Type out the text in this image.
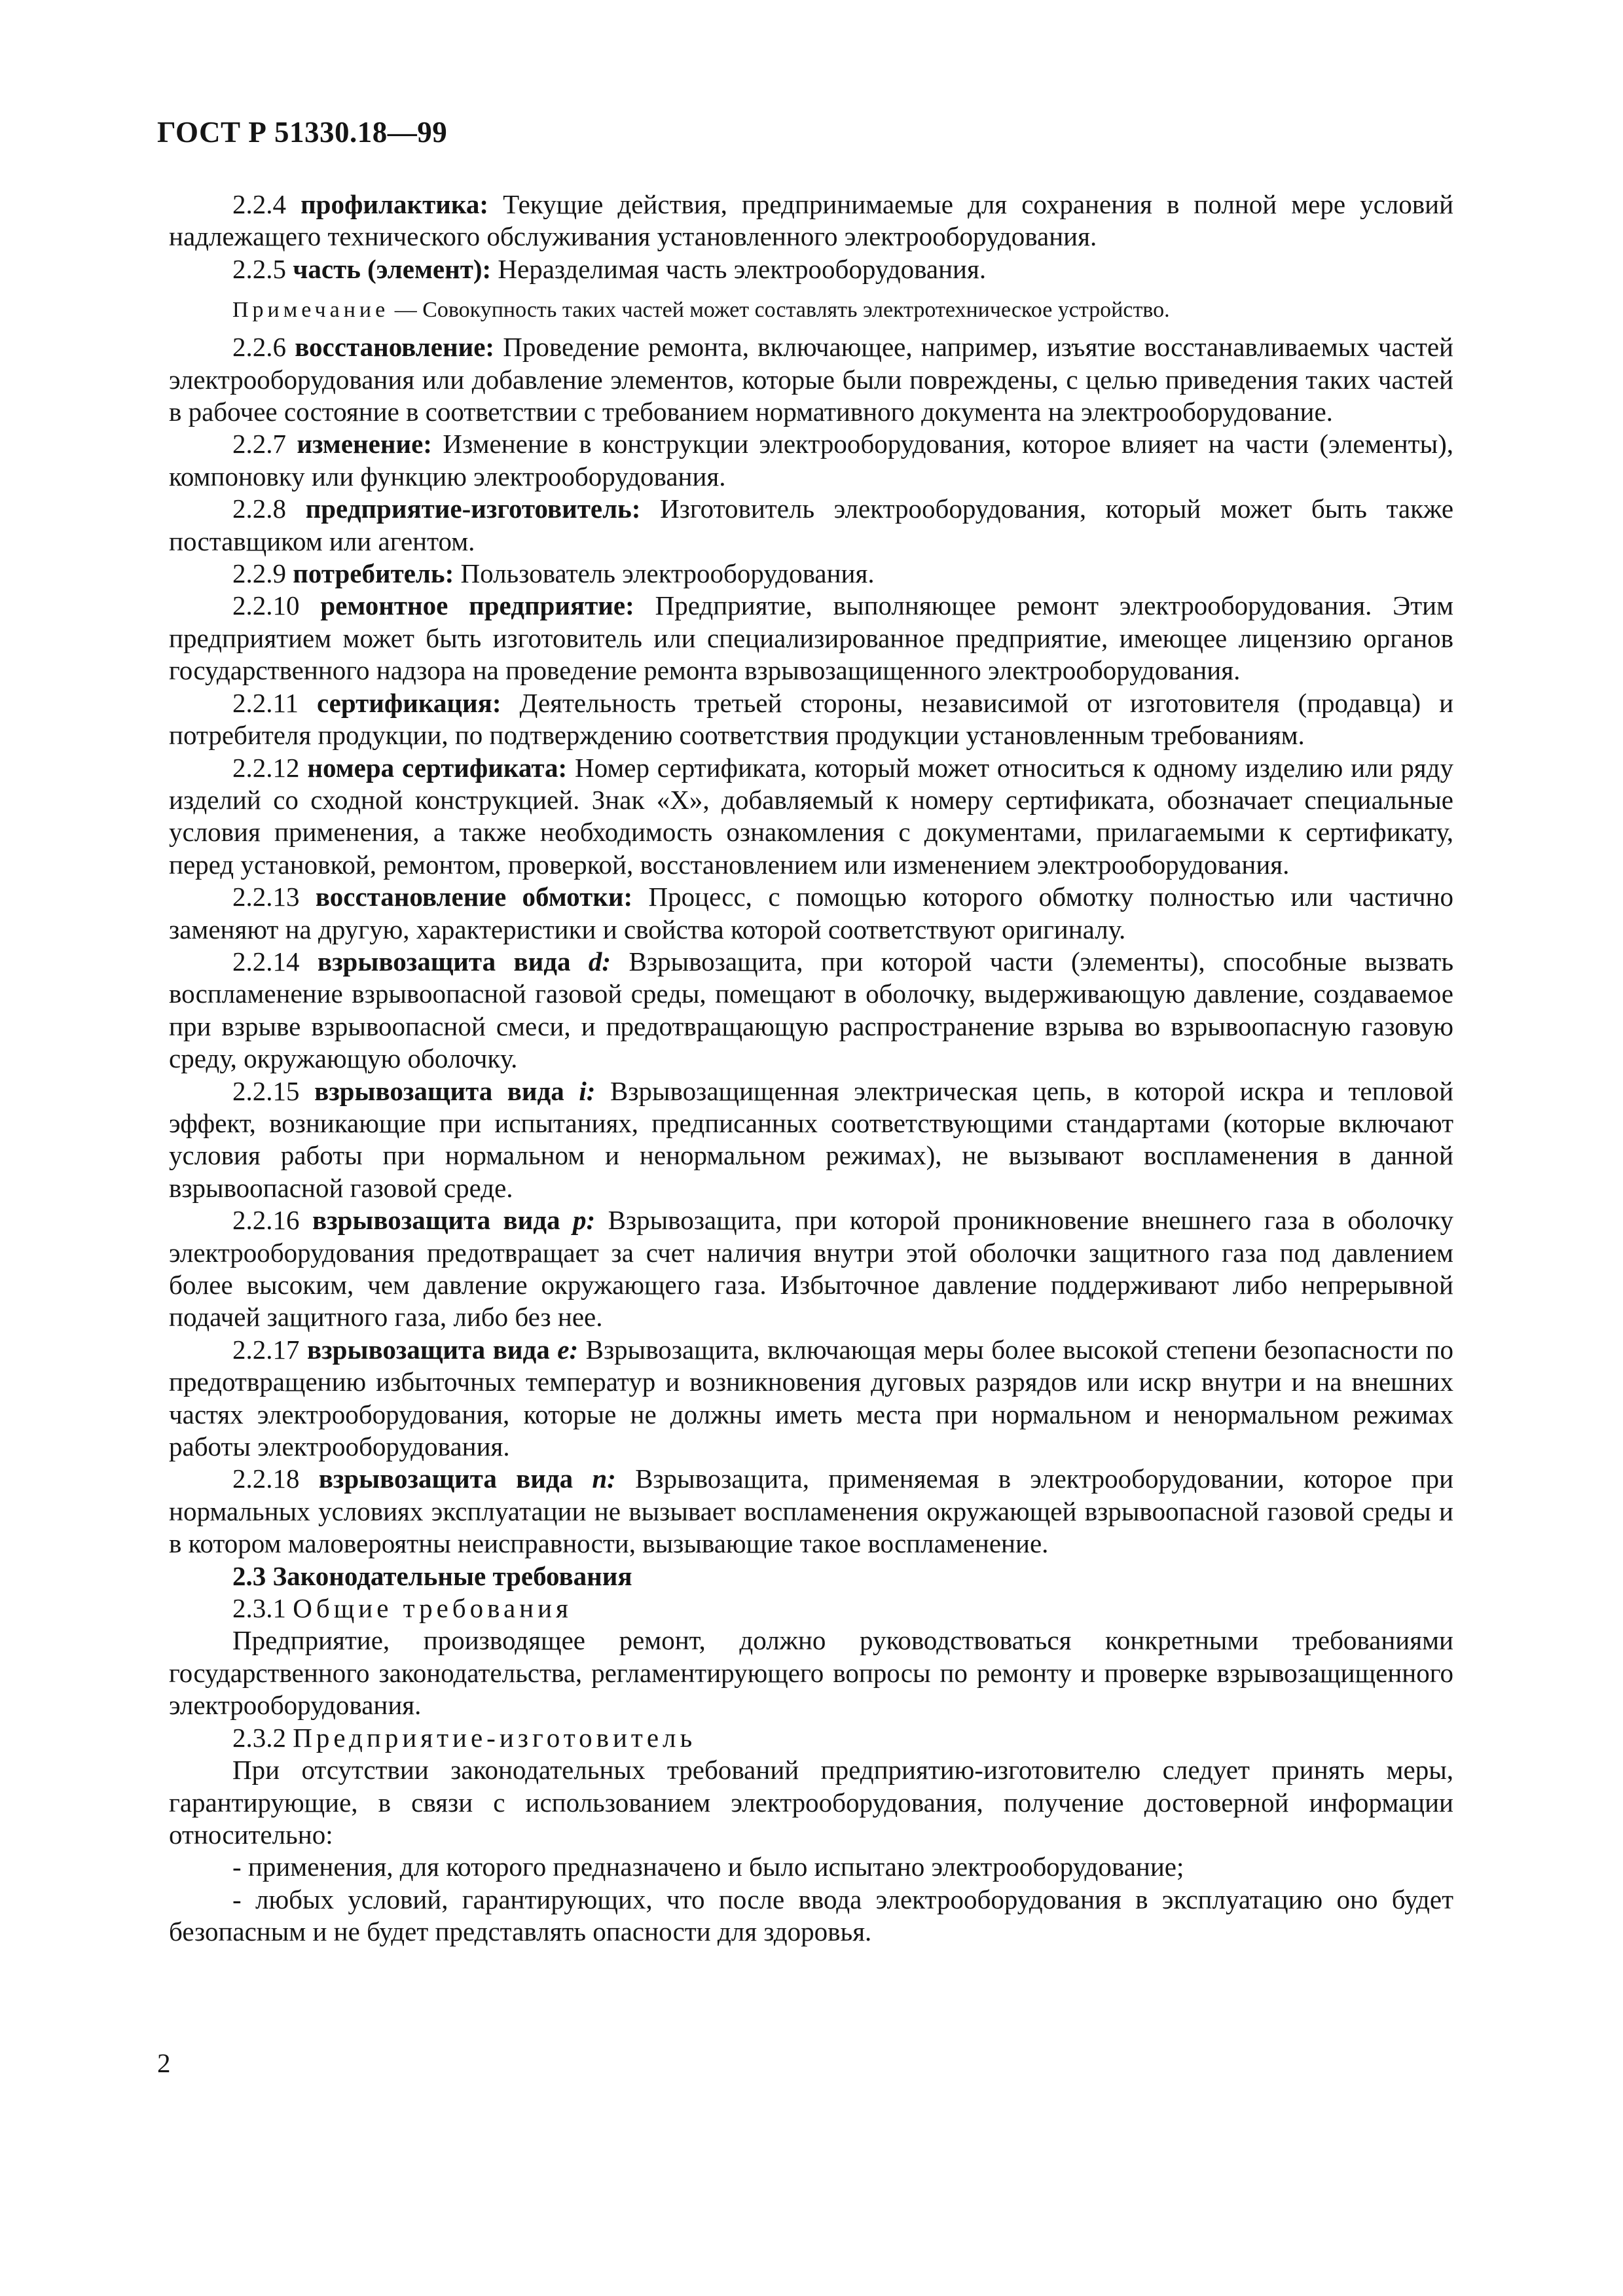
ГОСТ Р 51330.18—99

2.2.4 профилактика: Текущие действия, предпринимаемые для сохранения в полной мере условий надлежащего технического обслуживания установленного электрооборудования.

2.2.5 часть (элемент): Неразделимая часть электрооборудования.

Примечание — Совокупность таких частей может составлять электротехническое устройство.

2.2.6 восстановление: Проведение ремонта, включающее, например, изъятие восстанавливаемых частей электрооборудования или добавление элементов, которые были повреждены, с целью приведения таких частей в рабочее состояние в соответствии с требованием нормативного документа на электрооборудование.

2.2.7 изменение: Изменение в конструкции электрооборудования, которое влияет на части (элементы), компоновку или функцию электрооборудования.

2.2.8 предприятие-изготовитель: Изготовитель электрооборудования, который может быть также поставщиком или агентом.

2.2.9 потребитель: Пользователь электрооборудования.

2.2.10 ремонтное предприятие: Предприятие, выполняющее ремонт электрооборудования. Этим предприятием может быть изготовитель или специализированное предприятие, имеющее лицензию органов государственного надзора на проведение ремонта взрывозащищенного электрооборудования.

2.2.11 сертификация: Деятельность третьей стороны, независимой от изготовителя (продавца) и потребителя продукции, по подтверждению соответствия продукции установленным требованиям.

2.2.12 номера сертификата: Номер сертификата, который может относиться к одному изделию или ряду изделий со сходной конструкцией. Знак «X», добавляемый к номеру сертификата, обозначает специальные условия применения, а также необходимость ознакомления с документами, прилагаемыми к сертификату, перед установкой, ремонтом, проверкой, восстановлением или изменением электрооборудования.

2.2.13 восстановление обмотки: Процесс, с помощью которого обмотку полностью или частично заменяют на другую, характеристики и свойства которой соответствуют оригиналу.

2.2.14 взрывозащита вида d: Взрывозащита, при которой части (элементы), способные вызвать воспламенение взрывоопасной газовой среды, помещают в оболочку, выдерживающую давление, создаваемое при взрыве взрывоопасной смеси, и предотвращающую распространение взрыва во взрывоопасную газовую среду, окружающую оболочку.

2.2.15 взрывозащита вида i: Взрывозащищенная электрическая цепь, в которой искра и тепловой эффект, возникающие при испытаниях, предписанных соответствующими стандартами (которые включают условия работы при нормальном и ненормальном режимах), не вызывают воспламенения в данной взрывоопасной газовой среде.

2.2.16 взрывозащита вида p: Взрывозащита, при которой проникновение внешнего газа в оболочку электрооборудования предотвращает за счет наличия внутри этой оболочки защитного газа под давлением более высоким, чем давление окружающего газа. Избыточное давление поддерживают либо непрерывной подачей защитного газа, либо без нее.

2.2.17 взрывозащита вида e: Взрывозащита, включающая меры более высокой степени безопасности по предотвращению избыточных температур и возникновения дуговых разрядов или искр внутри и на внешних частях электрооборудования, которые не должны иметь места при нормальном и ненормальном режимах работы электрооборудования.

2.2.18 взрывозащита вида n: Взрывозащита, применяемая в электрооборудовании, которое при нормальных условиях эксплуатации не вызывает воспламенения окружающей взрывоопасной газовой среды и в котором маловероятны неисправности, вызывающие такое воспламенение.

2.3 Законодательные требования

2.3.1 Общие требования

Предприятие, производящее ремонт, должно руководствоваться конкретными требованиями государственного законодательства, регламентирующего вопросы по ремонту и проверке взрывозащищенного электрооборудования.

2.3.2 Предприятие-изготовитель

При отсутствии законодательных требований предприятию-изготовителю следует принять меры, гарантирующие, в связи с использованием электрооборудования, получение достоверной информации относительно:

- применения, для которого предназначено и было испытано электрооборудование;

- любых условий, гарантирующих, что после ввода электрооборудования в эксплуатацию оно будет безопасным и не будет представлять опасности для здоровья.

2
